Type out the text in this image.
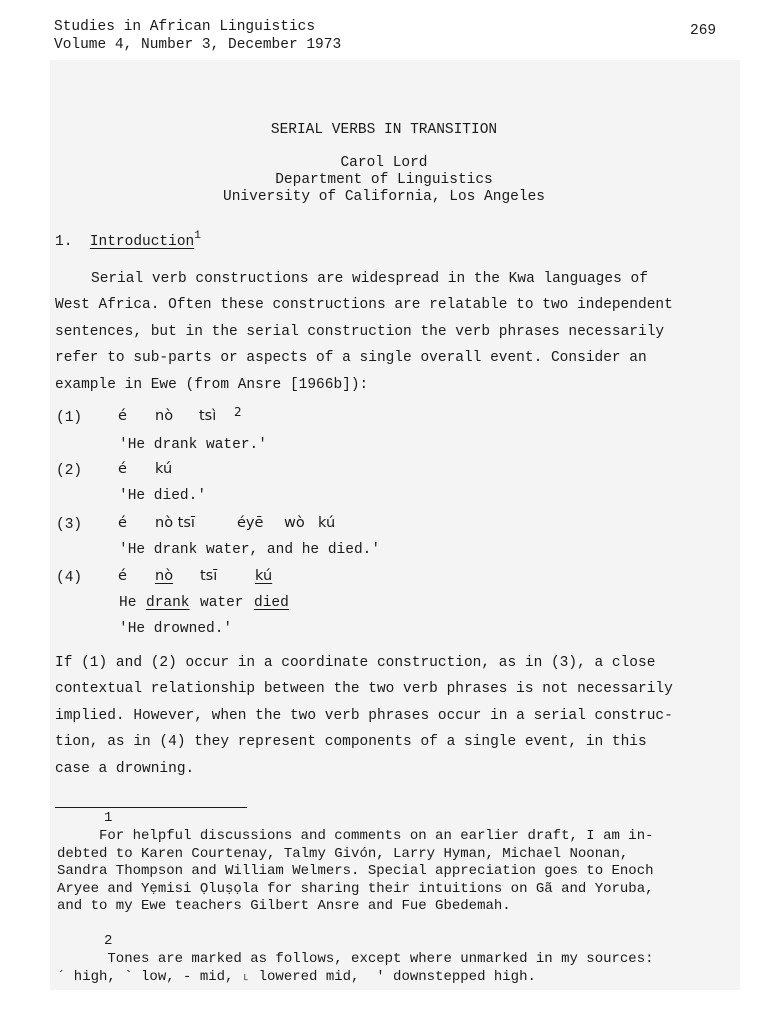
Studies in African Linguistics
Volume 4, Number 3, December 1973
269
SERIAL VERBS IN TRANSITION
Carol Lord
Department of Linguistics
University of California, Los Angeles
1. Introduction$^1$
Serial verb constructions are widespread in the Kwa languages of
West Africa. Often these constructions are relatable to two independent
sentences, but in the serial construction the verb phrases necessarily
refer to sub-parts or aspects of a single overall event. Consider an
example in Ewe (from Ansre [1966b]):
(1) é nò tsì 2
'He drank water.'
(2) é kú
'He died.'
(3) é nò tsī	éyē wò kú
'He drank water, and he died.'
(4) é nò tsī	kú
He drank water died
'He drowned.'
If (1) and (2) occur in a coordinate construction, as in (3), a close
contextual relationship between the two verb phrases is not necessarily
implied. However, when the two verb phrases occur in a serial construc-
tion, as in (4) they represent components of a single event, in this
case a drowning.
1
For helpful discussions and comments on an earlier draft, I am in-
debted to Karen Courtenay, Talmy Givón, Larry Hyman, Michael Noonan,
Sandra Thompson and William Welmers. Special appreciation goes to Enoch
Aryee and Yẹmisi Ọluṣọla for sharing their intuitions on Gã and Yoruba,
and to my Ewe teachers Gilbert Ansre and Fue Gbedemah.
2
Tones are marked as follows, except where unmarked in my sources:
´ high, ` low, - mid, ˪ lowered mid,  ' downstepped high.
